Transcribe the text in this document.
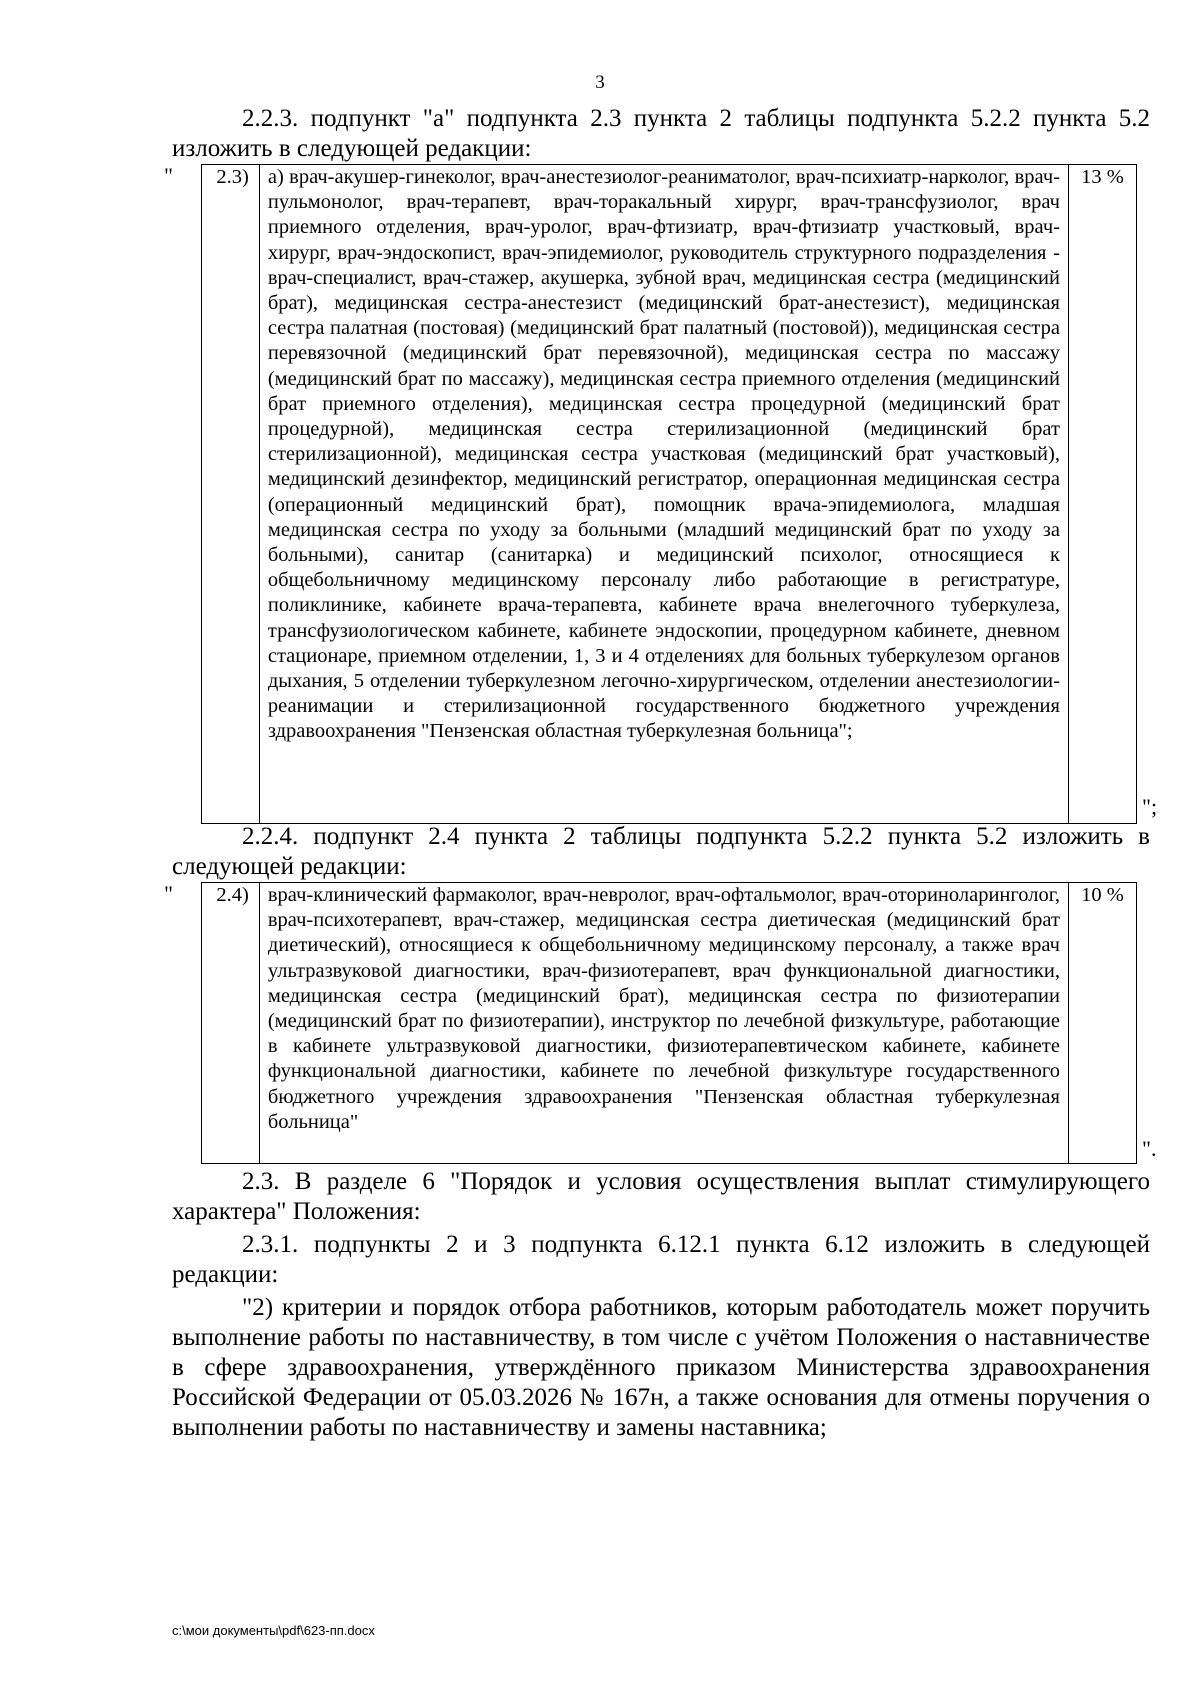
3

2.2.3. подпункт "а" подпункта 2.3 пункта 2 таблицы подпункта 5.2.2 пункта 5.2 изложить в следующей редакции:

" 2.3)	а) врач-акушер-гинеколог, врач-анестезиолог-реаниматолог, врач-психиатр-нарколог, врач-пульмонолог, врач-терапевт, врач-торакальный хирург, врач-трансфузиолог, врач приемного отделения, врач-уролог, врач-фтизиатр, врач-фтизиатр участковый, врач-хирург, врач-эндоскопист, врач-эпидемиолог, руководитель структурного подразделения - врач-специалист, врач-стажер, акушерка, зубной врач, медицинская сестра (медицинский брат), медицинская сестра-анестезист (медицинский брат-анестезист), медицинская сестра палатная (постовая) (медицинский брат палатный (постовой)), медицинская сестра перевязочной (медицинский брат перевязочной), медицинская сестра по массажу (медицинский брат по массажу), медицинская сестра приемного отделения (медицинский брат приемного отделения), медицинская сестра процедурной (медицинский брат процедурной), медицинская сестра стерилизационной (медицинский брат стерилизационной), медицинская сестра участковая (медицинский брат участковый), медицинский дезинфектор, медицинский регистратор, операционная медицинская сестра (операционный медицинский брат), помощник врача-эпидемиолога, младшая медицинская сестра по уходу за больными (младший медицинский брат по уходу за больными), санитар (санитарка) и медицинский психолог, относящиеся к общебольничному медицинскому персоналу либо работающие в регистратуре, поликлинике, кабинете врача-терапевта, кабинете врача внелегочного туберкулеза, трансфузиологическом кабинете, кабинете эндоскопии, процедурном кабинете, дневном стационаре, приемном отделении, 1, 3 и 4 отделениях для больных туберкулезом органов дыхания, 5 отделении туберкулезном легочно-хирургическом, отделении анестезиологии-реанимации и стерилизационной государственного бюджетного учреждения здравоохранения "Пензенская областная туберкулезная больница";	13 %
";

2.2.4. подпункт 2.4 пункта 2 таблицы подпункта 5.2.2 пункта 5.2 изложить в следующей редакции:

" 2.4)	врач-клинический фармаколог, врач-невролог, врач-офтальмолог, врач-оториноларинголог, врач-психотерапевт, врач-стажер, медицинская сестра диетическая (медицинский брат диетический), относящиеся к общебольничному медицинскому персоналу, а также врач ультразвуковой диагностики, врач-физиотерапевт, врач функциональной диагностики, медицинская сестра (медицинский брат), медицинская сестра по физиотерапии (медицинский брат по физиотерапии), инструктор по лечебной физкультуре, работающие в кабинете ультразвуковой диагностики, физиотерапевтическом кабинете, кабинете функциональной диагностики, кабинете по лечебной физкультуре государственного бюджетного учреждения здравоохранения "Пензенская областная туберкулезная больница"	10 %
".

2.3. В разделе 6 "Порядок и условия осуществления выплат стимулирующего характера" Положения:

2.3.1. подпункты 2 и 3 подпункта 6.12.1 пункта 6.12 изложить в следующей редакции:

"2) критерии и порядок отбора работников, которым работодатель может поручить выполнение работы по наставничеству, в том числе с учётом Положения о наставничестве в сфере здравоохранения, утверждённого приказом Министерства здравоохранения Российской Федерации от 05.03.2026 № 167н, а также основания для отмены поручения о выполнении работы по наставничеству и замены наставника;

c:\мои документы\pdf\623-пп.docx
